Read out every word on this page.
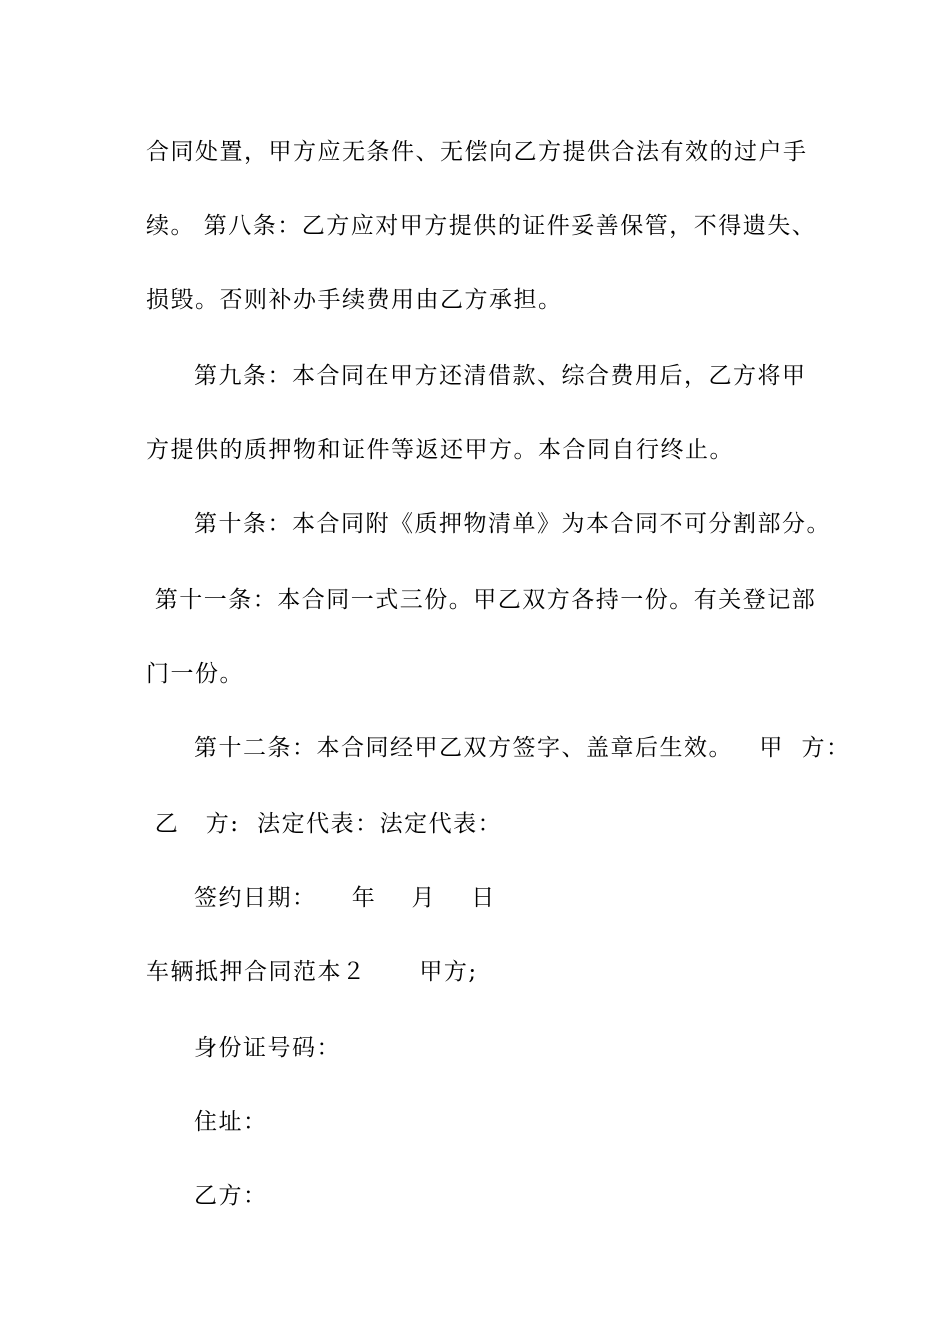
合同处置，甲方应无条件、无偿向乙方提供合法有效的过户手
续。 第八条：乙方应对甲方提供的证件妥善保管，不得遗失、
损毁。否则补办手续费用由乙方承担。
第九条：本合同在甲方还清借款、综合费用后，乙方将甲
方提供的质押物和证件等返还甲方。本合同自行终止。
第十条：本合同附《质押物清单》为本合同不可分割部分。
第十一条：本合同一式三份。甲乙双方各持一份。有关登记部
门一份。
第十二条：本合同经甲乙双方签字、盖章后生效。   甲  方：
乙   方:  法定代表：法定代表：
签约日期：    年    月    日
车辆抵押合同范本２      甲方;
身份证号码：
住址：
乙方：
